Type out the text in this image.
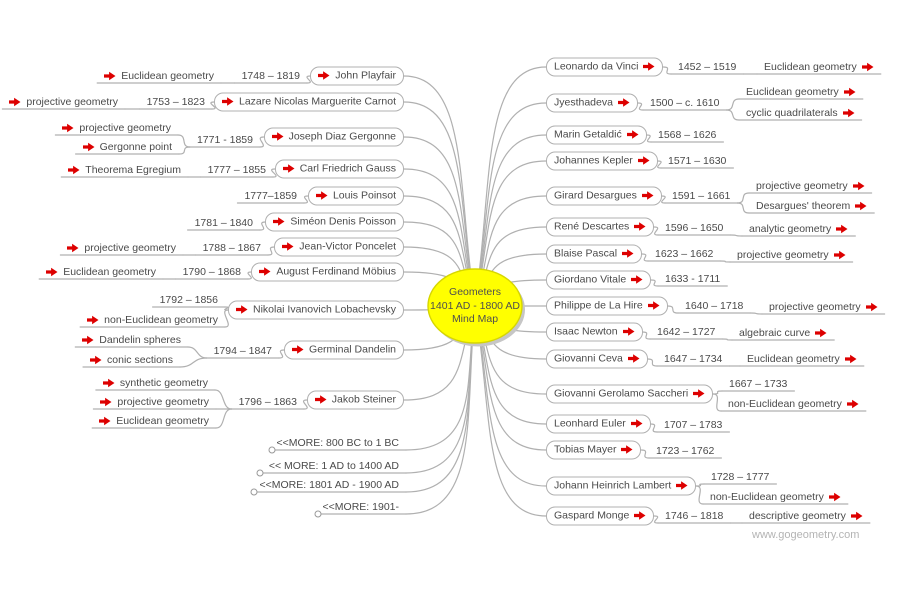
Geometers
1401 AD - 1800 AD
Mind Map
www.gogeometry.com
John Playfair
1748 – 1819
Euclidean geometry
Lazare Nicolas Marguerite Carnot
1753 – 1823
projective geometry
Joseph Diaz Gergonne
1771 - 1859
projective geometry
Gergonne point
Carl Friedrich Gauss
1777 – 1855
Theorema Egregium
Louis Poinsot
1777–1859
Siméon Denis Poisson
1781 – 1840
Jean-Victor Poncelet
1788 – 1867
projective geometry
August Ferdinand Möbius
1790 – 1868
Euclidean geometry
Nikolai Ivanovich Lobachevsky
1792 – 1856
non-Euclidean geometry
Germinal Dandelin
1794 – 1847
Dandelin spheres
conic sections
Jakob Steiner
1796 – 1863
synthetic geometry
projective geometry
Euclidean geometry
Leonardo da Vinci	1452 – 1519	Euclidean geometry
Jyesthadeva	1500 – c. 1610
Euclidean geometry
cyclic quadrilaterals
Marin Getaldić	1568 – 1626
Johannes Kepler	1571 – 1630
Girard Desargues	1591 – 1661
projective geometry
Desargues' theorem
René Descartes	1596 – 1650 analytic geometry
Blaise Pascal	1623 – 1662 projective geometry
Giordano Vitale	1633 - 1711
Philippe de La Hire	1640 – 1718 projective geometry
Isaac Newton	1642 – 1727 algebraic curve
Giovanni Ceva	1647 – 1734 Euclidean geometry
Giovanni Gerolamo Saccheri
1667 – 1733
non-Euclidean geometry
Leonhard Euler	1707 – 1783
Tobias Mayer	1723 – 1762
Johann Heinrich Lambert
1728 – 1777
non-Euclidean geometry
Gaspard Monge	1746 – 1818 descriptive geometry
<<MORE: 800 BC to 1 BC
<< MORE: 1 AD to 1400 AD
<<MORE: 1801 AD - 1900 AD
<<MORE: 1901-
